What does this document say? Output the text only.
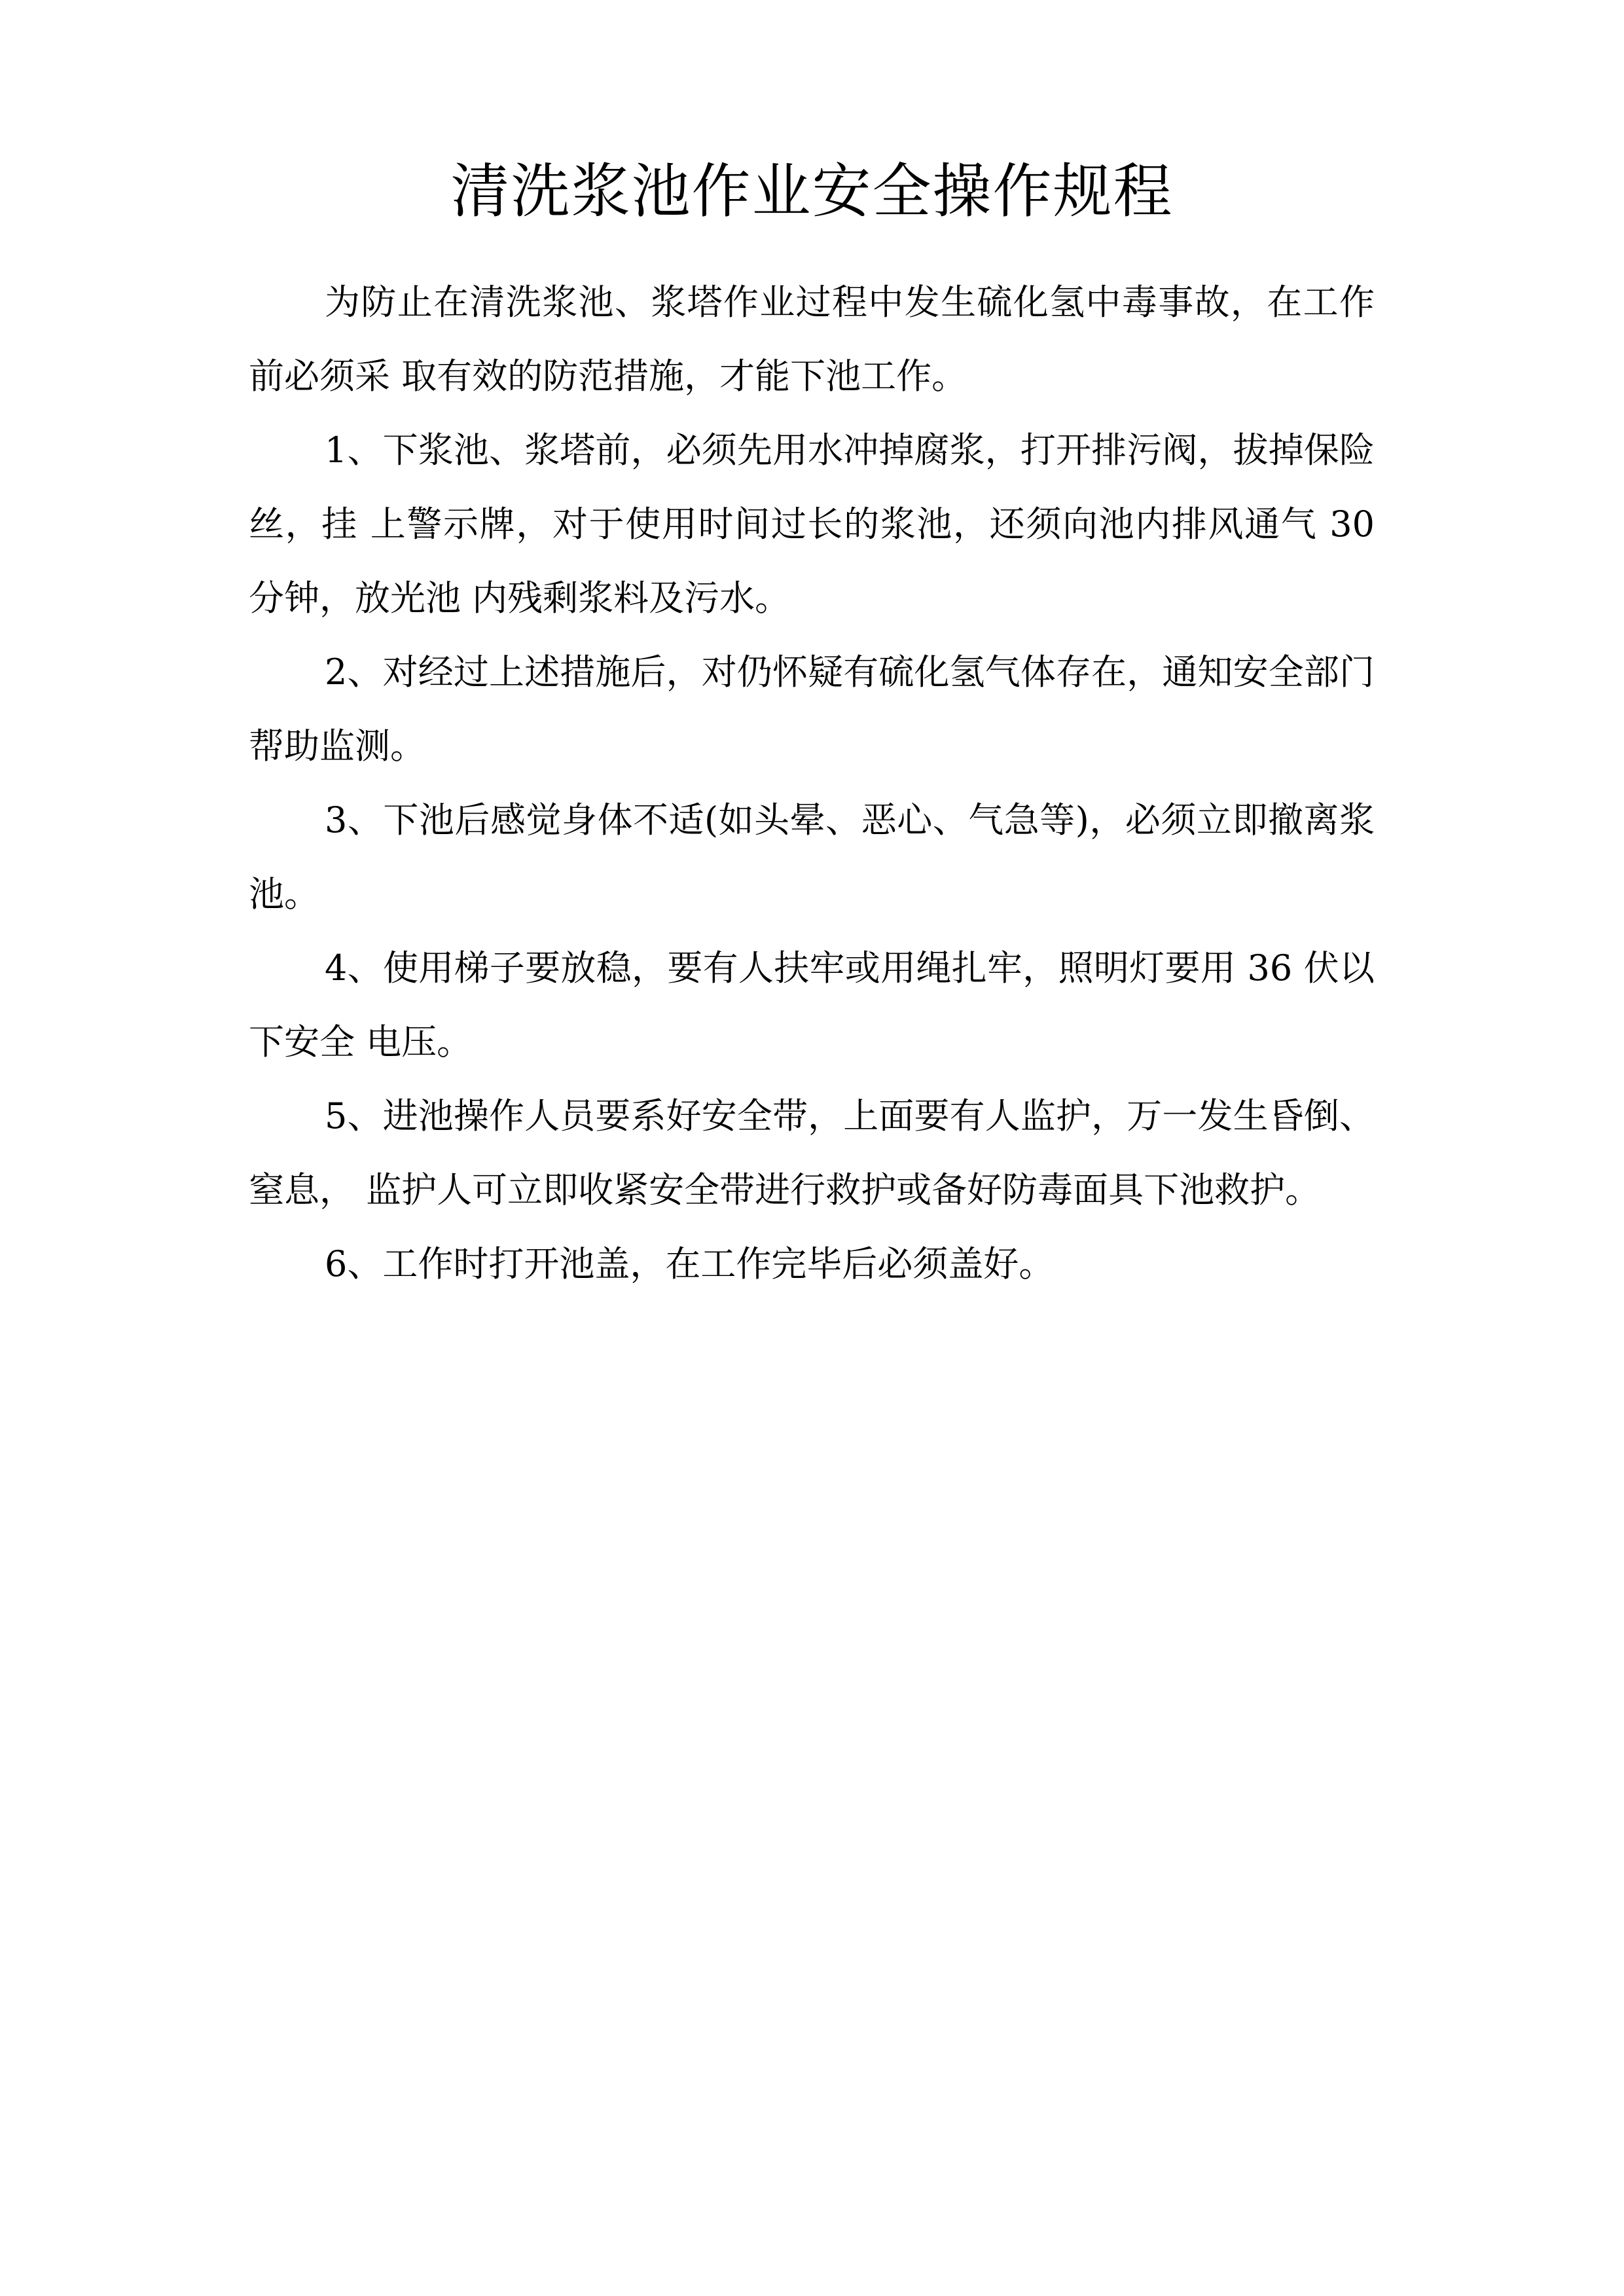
清洗浆池作业安全操作规程

为防止在清洗浆池、浆塔作业过程中发生硫化氢中毒事故，在工作前必须采 取有效的防范措施，才能下池工作。

1、下浆池、浆塔前，必须先用水冲掉腐浆，打开排污阀，拔掉保险丝，挂 上警示牌，对于使用时间过长的浆池，还须向池内排风通气 30 分钟，放光池 内残剩浆料及污水。

2、对经过上述措施后，对仍怀疑有硫化氢气体存在，通知安全部门帮助监测。

3、下池后感觉身体不适(如头晕、恶心、气急等)，必须立即撤离浆池。

4、使用梯子要放稳，要有人扶牢或用绳扎牢，照明灯要用 36 伏以下安全 电压。

5、进池操作人员要系好安全带，上面要有人监护，万一发生昏倒、窒息， 监护人可立即收紧安全带进行救护或备好防毒面具下池救护。

6、工作时打开池盖，在工作完毕后必须盖好。
